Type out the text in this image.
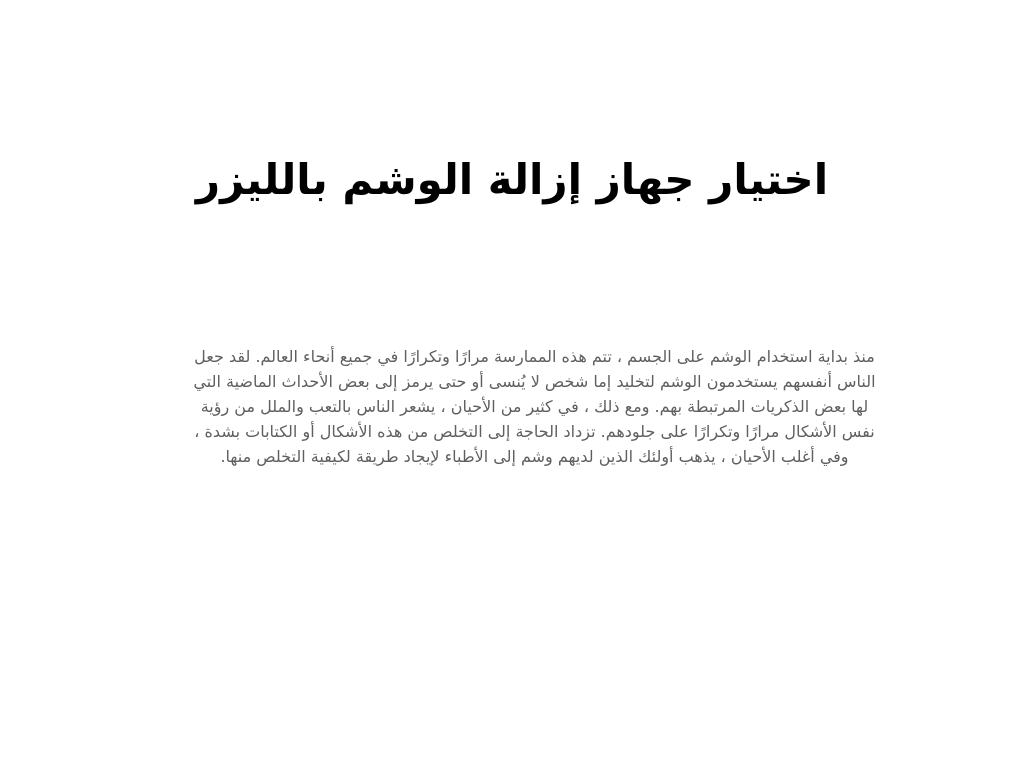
اختيار جهاز إزالة الوشم بالليزر

منذ بداية استخدام الوشم على الجسم ، تتم هذه الممارسة مرارًا وتكرارًا في جميع أنحاء العالم. لقد جعل
الناس أنفسهم يستخدمون الوشم لتخليد إما شخص لا يُنسى أو حتى يرمز إلى بعض الأحداث الماضية التي
لها بعض الذكريات المرتبطة بهم. ومع ذلك ، في كثير من الأحيان ، يشعر الناس بالتعب والملل من رؤية
نفس الأشكال مرارًا وتكرارًا على جلودهم. تزداد الحاجة إلى التخلص من هذه الأشكال أو الكتابات بشدة ،
وفي أغلب الأحيان ، يذهب أولئك الذين لديهم وشم إلى الأطباء لإيجاد طريقة لكيفية التخلص منها.
